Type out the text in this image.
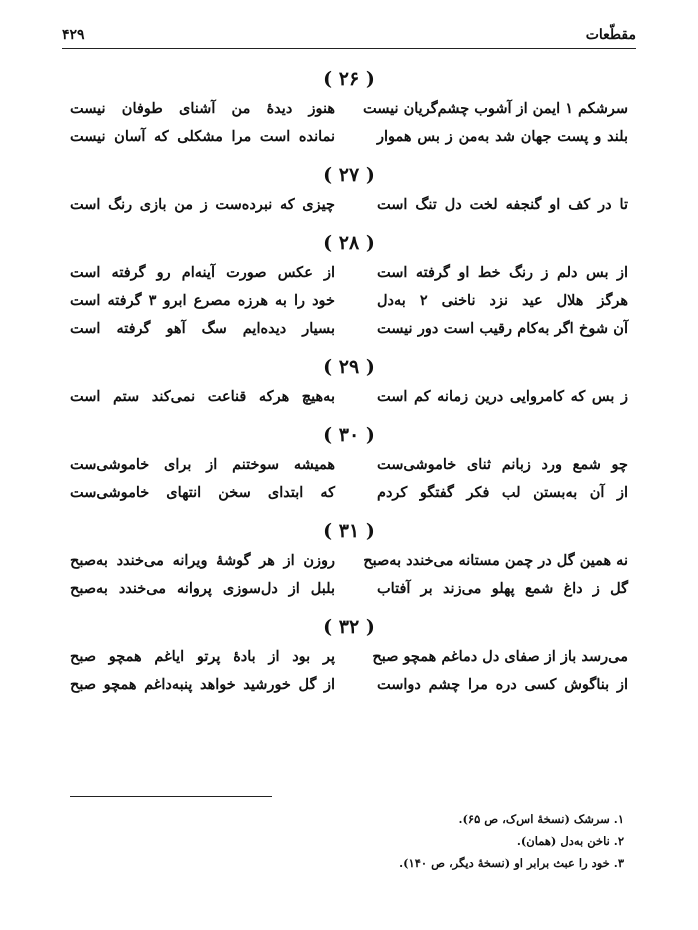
مقطّعات
۴۲۹
( ۲۶ )
سرشکم ۱ ایمن از آشوب چشم‌گریان نیست
هنوز دیدهٔ من آشنای طوفان نیست
بلند و پست جهان شد به‌من ز بس هموار
نمانده است مرا مشکلی که آسان نیست
( ۲۷ )
تا در کف او گنجفه لخت دل تنگ است
چیزی که نبرده‌ست ز من بازی رنگ است
( ۲۸ )
از بس دلم ز رنگ خط او گرفته است
از عکس صورت آینه‌ام رو گرفته است
هرگز هلال عید نزد ناخنی ۲ به‌دل
خود را به هرزه مصرع ابرو ۳ گرفته است
آن شوخ اگر به‌کام رقیب است دور نیست
بسیار دیده‌ایم سگ آهو گرفته است
( ۲۹ )
ز بس که کامروایی درین زمانه کم است
به‌هیچ هرکه قناعت نمی‌کند ستم است
( ۳۰ )
چو شمع ورد زبانم ثنای خاموشی‌ست
همیشه سوختنم از برای خاموشی‌ست
از آن به‌بستن لب فکر گفتگو کردم
که ابتدای سخن انتهای خاموشی‌ست
( ۳۱ )
نه همین گل در چمن مستانه می‌خندد به‌صبح
روزن از هر گوشهٔ ویرانه می‌خندد به‌صبح
گل ز داغ شمع پهلو می‌زند بر آفتاب
بلبل از دل‌سوزی پروانه می‌خندد به‌صبح
( ۳۲ )
می‌رسد باز از صفای دل دماغم همچو صبح
پر بود از بادهٔ پرتو ایاغم همچو صبح
از بناگوش کسی دره مرا چشم دواست
از گل خورشید خواهد پنبه‌داغم همچو صبح
۱. سرشک (نسخهٔ اس‌ک، ص ۶۵).
۲. ناخن به‌دل (همان).
۳. خود را عبث برابر او (نسخهٔ دیگر، ص ۱۴۰).
